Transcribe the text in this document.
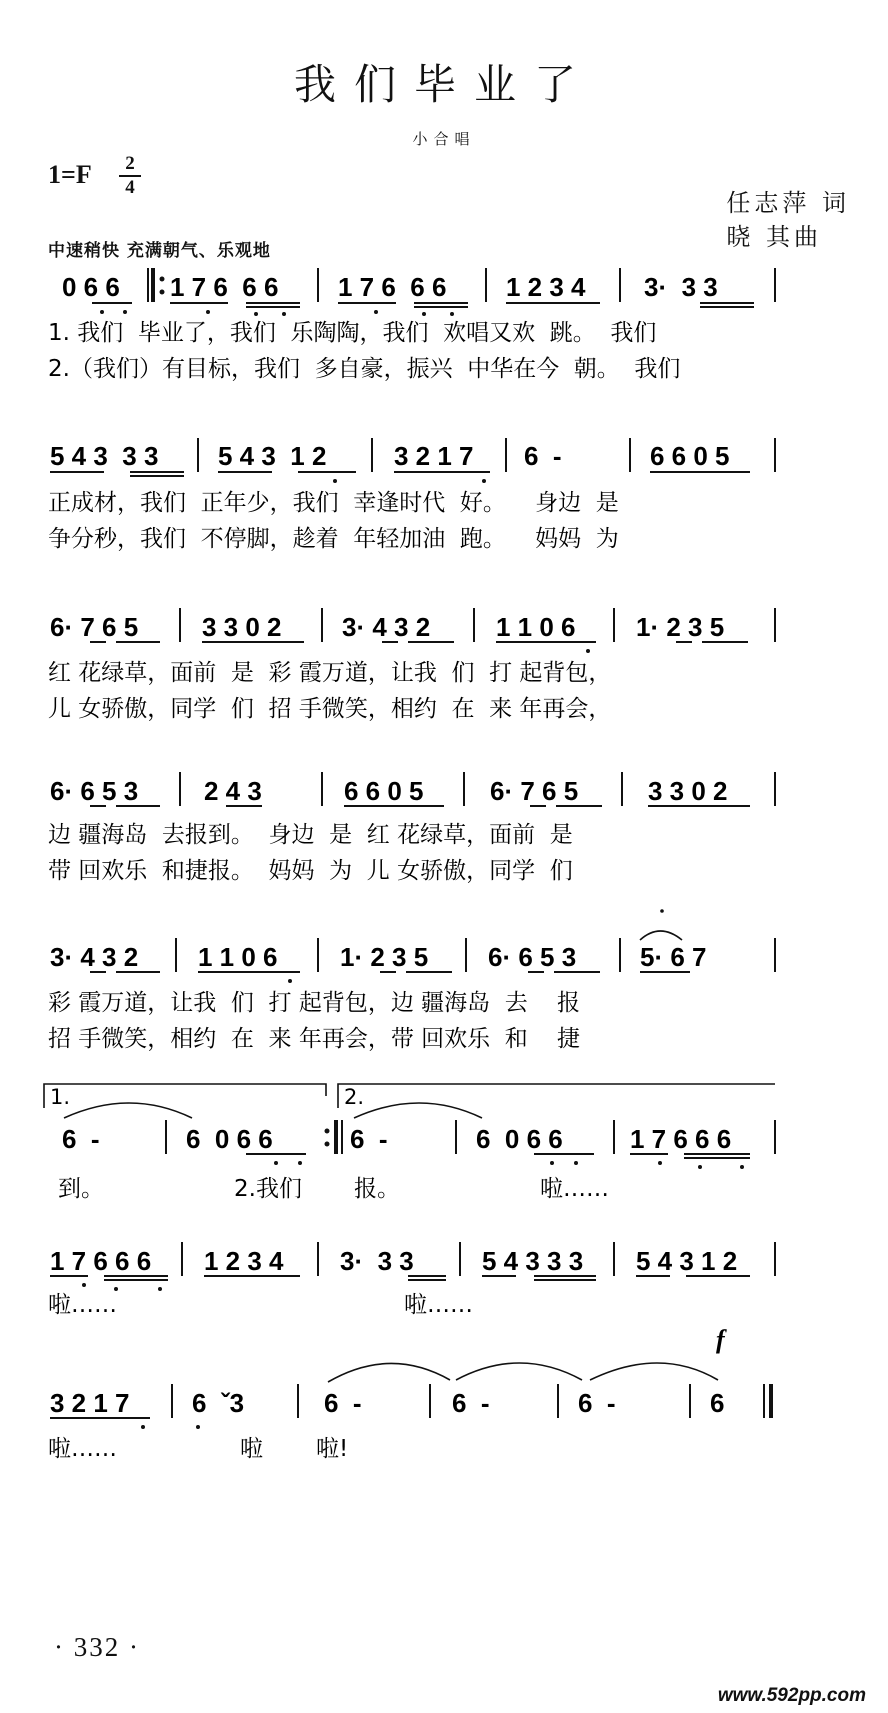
我们毕业了
小合唱
1=F	2
4
任志萍 词
晓 其曲
中速稍快 充满朝气、乐观地
0 6 6 1 7 6  6 6 1 7 6  6 6 1 2 3 4 3·  3 3
1. 我们  毕业了，我们  乐陶陶，我们  欢唱又欢  跳。  我们
2.（我们）有目标，我们  多自豪，振兴  中华在今  朝。  我们
5 4 3  3 3 5 4 3  1 2	3 2 1 7 6  -	6 6 0 5
正成材，我们  正年少，我们  幸逢时代  好。    身边  是
争分秒，我们  不停脚，趁着  年轻加油  跑。    妈妈  为
6· 7 6 5 3 3 0 2 3· 4 3 2	1 1 0 6 1· 2 3 5
红 花绿草，面前  是  彩 霞万道，让我  们  打 起背包，
儿 女骄傲，同学  们  招 手微笑，相约  在  来 年再会，
6· 6 5 3	2 4 3	6 6 0 5	6· 7 6 5	3 3 0 2
边 疆海岛  去报到。  身边  是  红 花绿草，面前  是
带 回欢乐  和捷报。  妈妈  为  儿 女骄傲，同学  们
3· 4 3 2 1 1 0 6 1· 2 3 5 6· 6 5 3 5· 6 7
彩 霞万道，让我  们  打 起背包，边 疆海岛  去    报
招 手微笑，相约  在  来 年再会，带 回欢乐  和    捷
1.	2.
6  -	6  0 6 6	6  -	6  0 6 6	1 7 6 6 6
到。	2.我们 报。	啦……
1 7 6 6 6 1 2 3 4 3·  3 3	5 4 3 3 3 5 4 3 1 2
啦……	啦……
f
3 2 1 7 6  ˇ3	6  -	6  -	6  -	6
啦……	啦 啦!
· 332 ·
www.592pp.com
